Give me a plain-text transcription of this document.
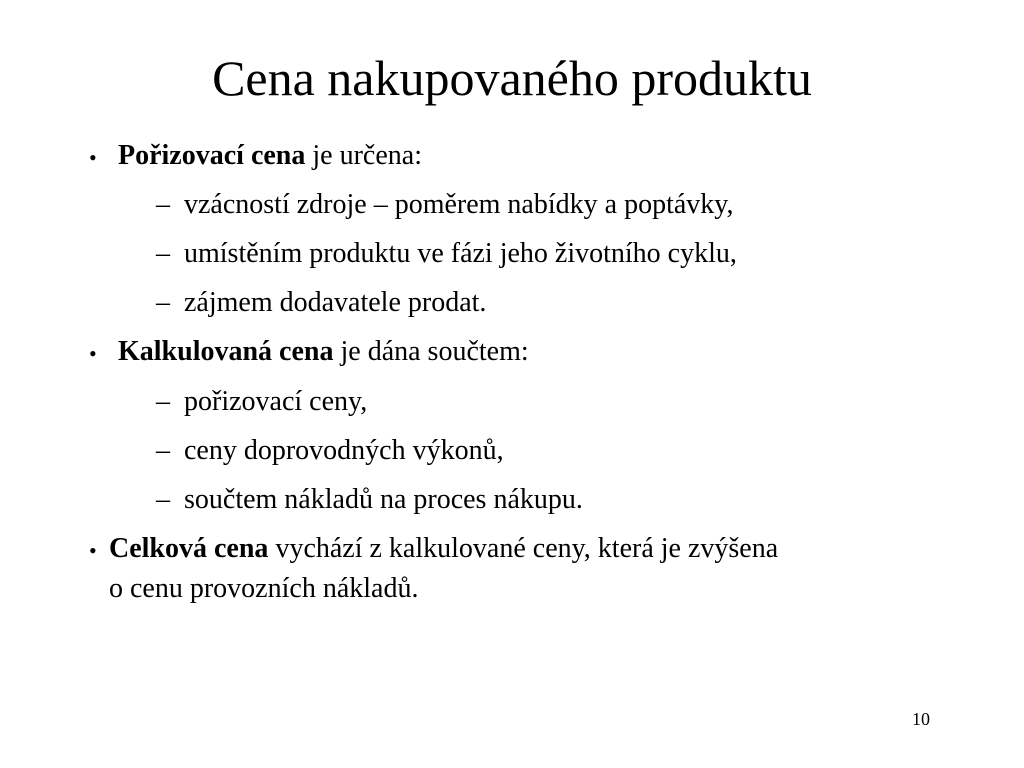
Cena nakupovaného produktu
• Pořizovací cena je určena:
– vzácností zdroje – poměrem nabídky a poptávky,
– umístěním produktu ve fázi jeho životního cyklu,
– zájmem dodavatele prodat.
• Kalkulovaná cena je dána součtem:
– pořizovací ceny,
– ceny doprovodných výkonů,
– součtem nákladů na proces nákupu.
• Celková cena vychází z kalkulované ceny, která je zvýšena
o cenu provozních nákladů.
10
